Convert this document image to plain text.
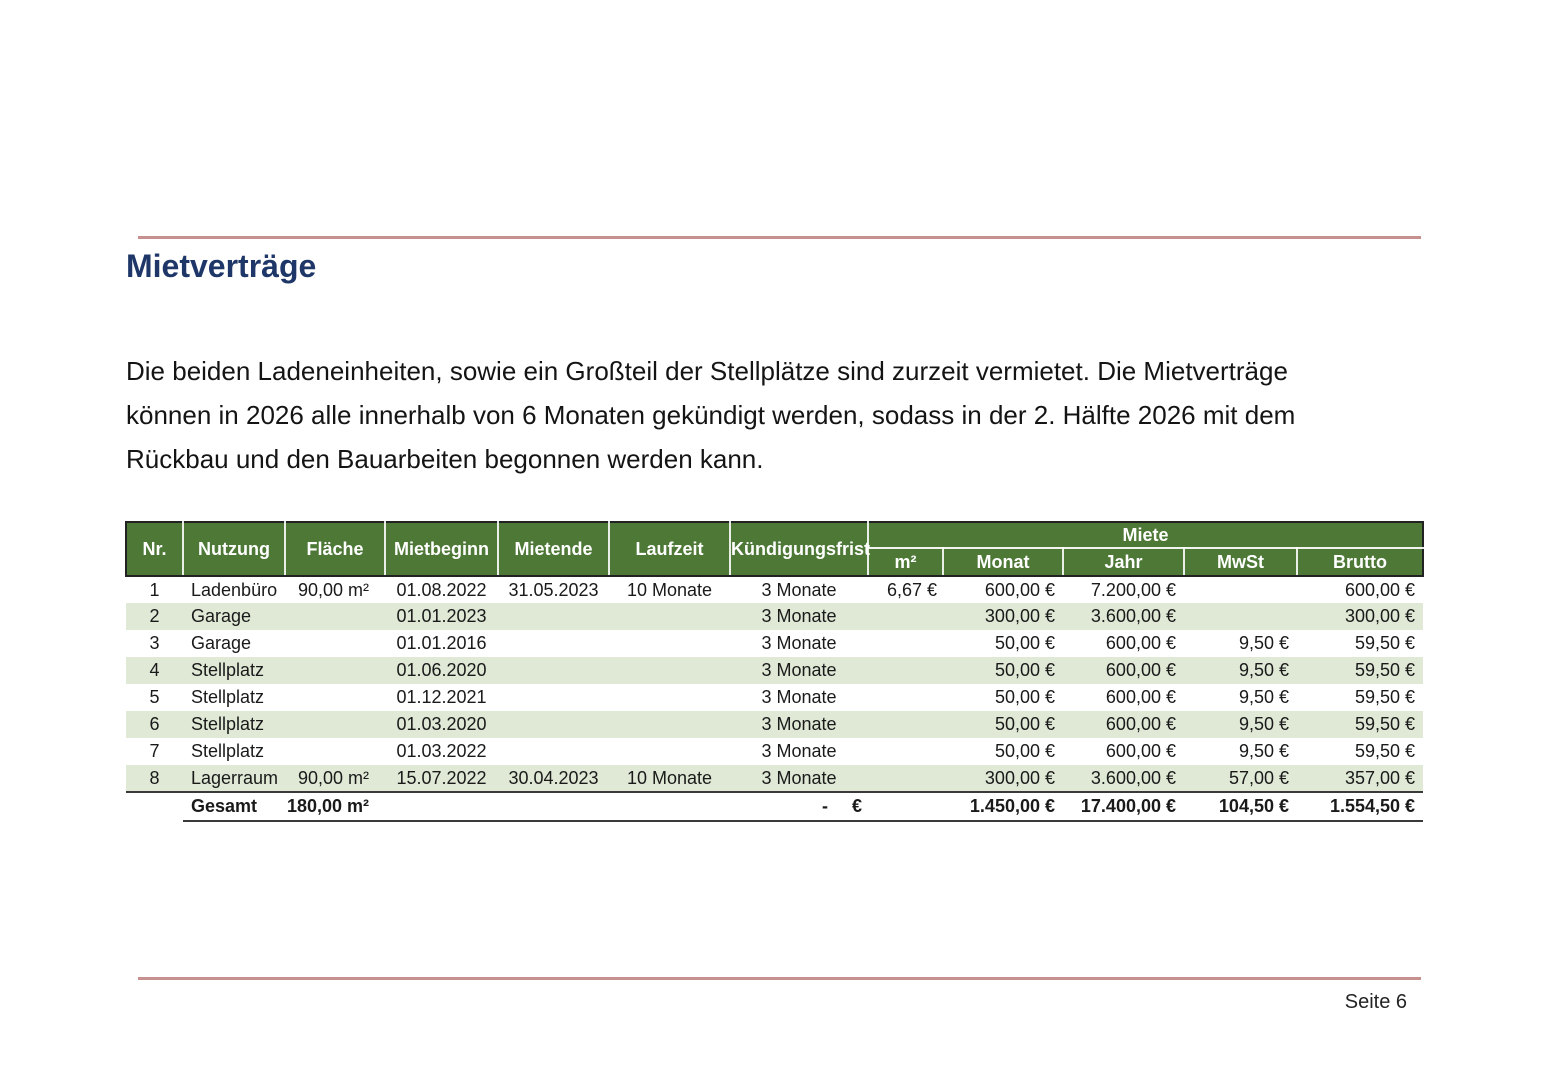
Mietverträge
Die beiden Ladeneinheiten, sowie ein Großteil der Stellplätze sind zurzeit vermietet. Die Mietverträge
können in 2026 alle innerhalb von 6 Monaten gekündigt werden, sodass in der 2. Hälfte 2026 mit dem
Rückbau und den Bauarbeiten begonnen werden kann.
Nr.	Nutzung	Fläche	Mietbeginn	Mietende	Laufzeit	Kündigungsfrist	Miete				
							m²	Monat	Jahr	MwSt	Brutto
1	Ladenbüro	90,00 m²	01.08.2022	31.05.2023	10 Monate	3 Monate	6,67 €	600,00 €	7.200,00 €		600,00 €
2	Garage		01.01.2023			3 Monate		300,00 €	3.600,00 €		300,00 €
3	Garage		01.01.2016			3 Monate		50,00 €	600,00 €	9,50 €	59,50 €
4	Stellplatz		01.06.2020			3 Monate		50,00 €	600,00 €	9,50 €	59,50 €
5	Stellplatz		01.12.2021			3 Monate		50,00 €	600,00 €	9,50 €	59,50 €
6	Stellplatz		01.03.2020			3 Monate		50,00 €	600,00 €	9,50 €	59,50 €
7	Stellplatz		01.03.2022			3 Monate		50,00 €	600,00 €	9,50 €	59,50 €
8	Lagerraum	90,00 m²	15.07.2022	30.04.2023	10 Monate	3 Monate		300,00 €	3.600,00 €	57,00 €	357,00 €
	Gesamt	180,00 m²				- €		1.450,00 €	17.400,00 €	104,50 €	1.554,50 €
Seite 6
